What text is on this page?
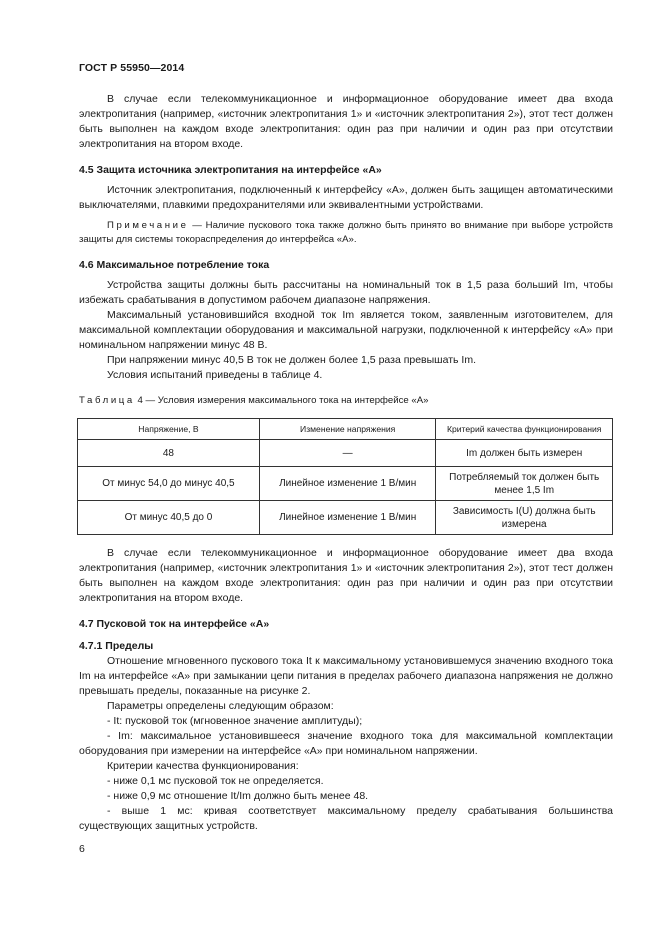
ГОСТ Р 55950—2014

В случае если телекоммуникационное и информационное оборудование имеет два входа электропитания (например, «источник электропитания 1» и «источник электропитания 2»), этот тест должен быть выполнен на каждом входе электропитания: один раз при наличии и один раз при отсутствии электропитания на втором входе.

4.5 Защита источника электропитания на интерфейсе «А»

Источник электропитания, подключенный к интерфейсу «А», должен быть защищен автоматическими выключателями, плавкими предохранителями или эквивалентными устройствами.

Примечание — Наличие пускового тока также должно быть принято во внимание при выборе устройств защиты для системы токораспределения до интерфейса «А».

4.6 Максимальное потребление тока

Устройства защиты должны быть рассчитаны на номинальный ток в 1,5 раза больший Im, чтобы избежать срабатывания в допустимом рабочем диапазоне напряжения.

Максимальный установившийся входной ток Im является током, заявленным изготовителем, для максимальной комплектации оборудования и максимальной нагрузки, подключенной к интерфейсу «А» при номинальном напряжении минус 48 В.

При напряжении минус 40,5 В ток не должен более 1,5 раза превышать Im.

Условия испытаний приведены в таблице 4.

Таблица 4 — Условия измерения максимального тока на интерфейсе «А»

Напряжение, В	Изменение напряжения	Критерий качества функционирования
48	—	Im должен быть измерен
От минус 54,0 до минус 40,5	Линейное изменение 1 В/мин	Потребляемый ток должен быть менее 1,5 Im
От минус 40,5 до 0	Линейное изменение 1 В/мин	Зависимость I(U) должна быть измерена

В случае если телекоммуникационное и информационное оборудование имеет два входа электропитания (например, «источник электропитания 1» и «источник электропитания 2»), этот тест должен быть выполнен на каждом входе электропитания: один раз при наличии и один раз при отсутствии электропитания на втором входе.

4.7 Пусковой ток на интерфейсе «А»

4.7.1 Пределы

Отношение мгновенного пускового тока It к максимальному установившемуся значению входного тока Im на интерфейсе «А» при замыкании цепи питания в пределах рабочего диапазона напряжения не должно превышать пределы, показанные на рисунке 2.

Параметры определены следующим образом:

- It: пусковой ток (мгновенное значение амплитуды);

- Im: максимальное установившееся значение входного тока для максимальной комплектации оборудования при измерении на интерфейсе «А» при номинальном напряжении.

Критерии качества функционирования:

- ниже 0,1 мс пусковой ток не определяется.

- ниже 0,9 мс отношение It/Im должно быть менее 48.

- выше 1 мс: кривая соответствует максимальному пределу срабатывания большинства существующих защитных устройств.

6
